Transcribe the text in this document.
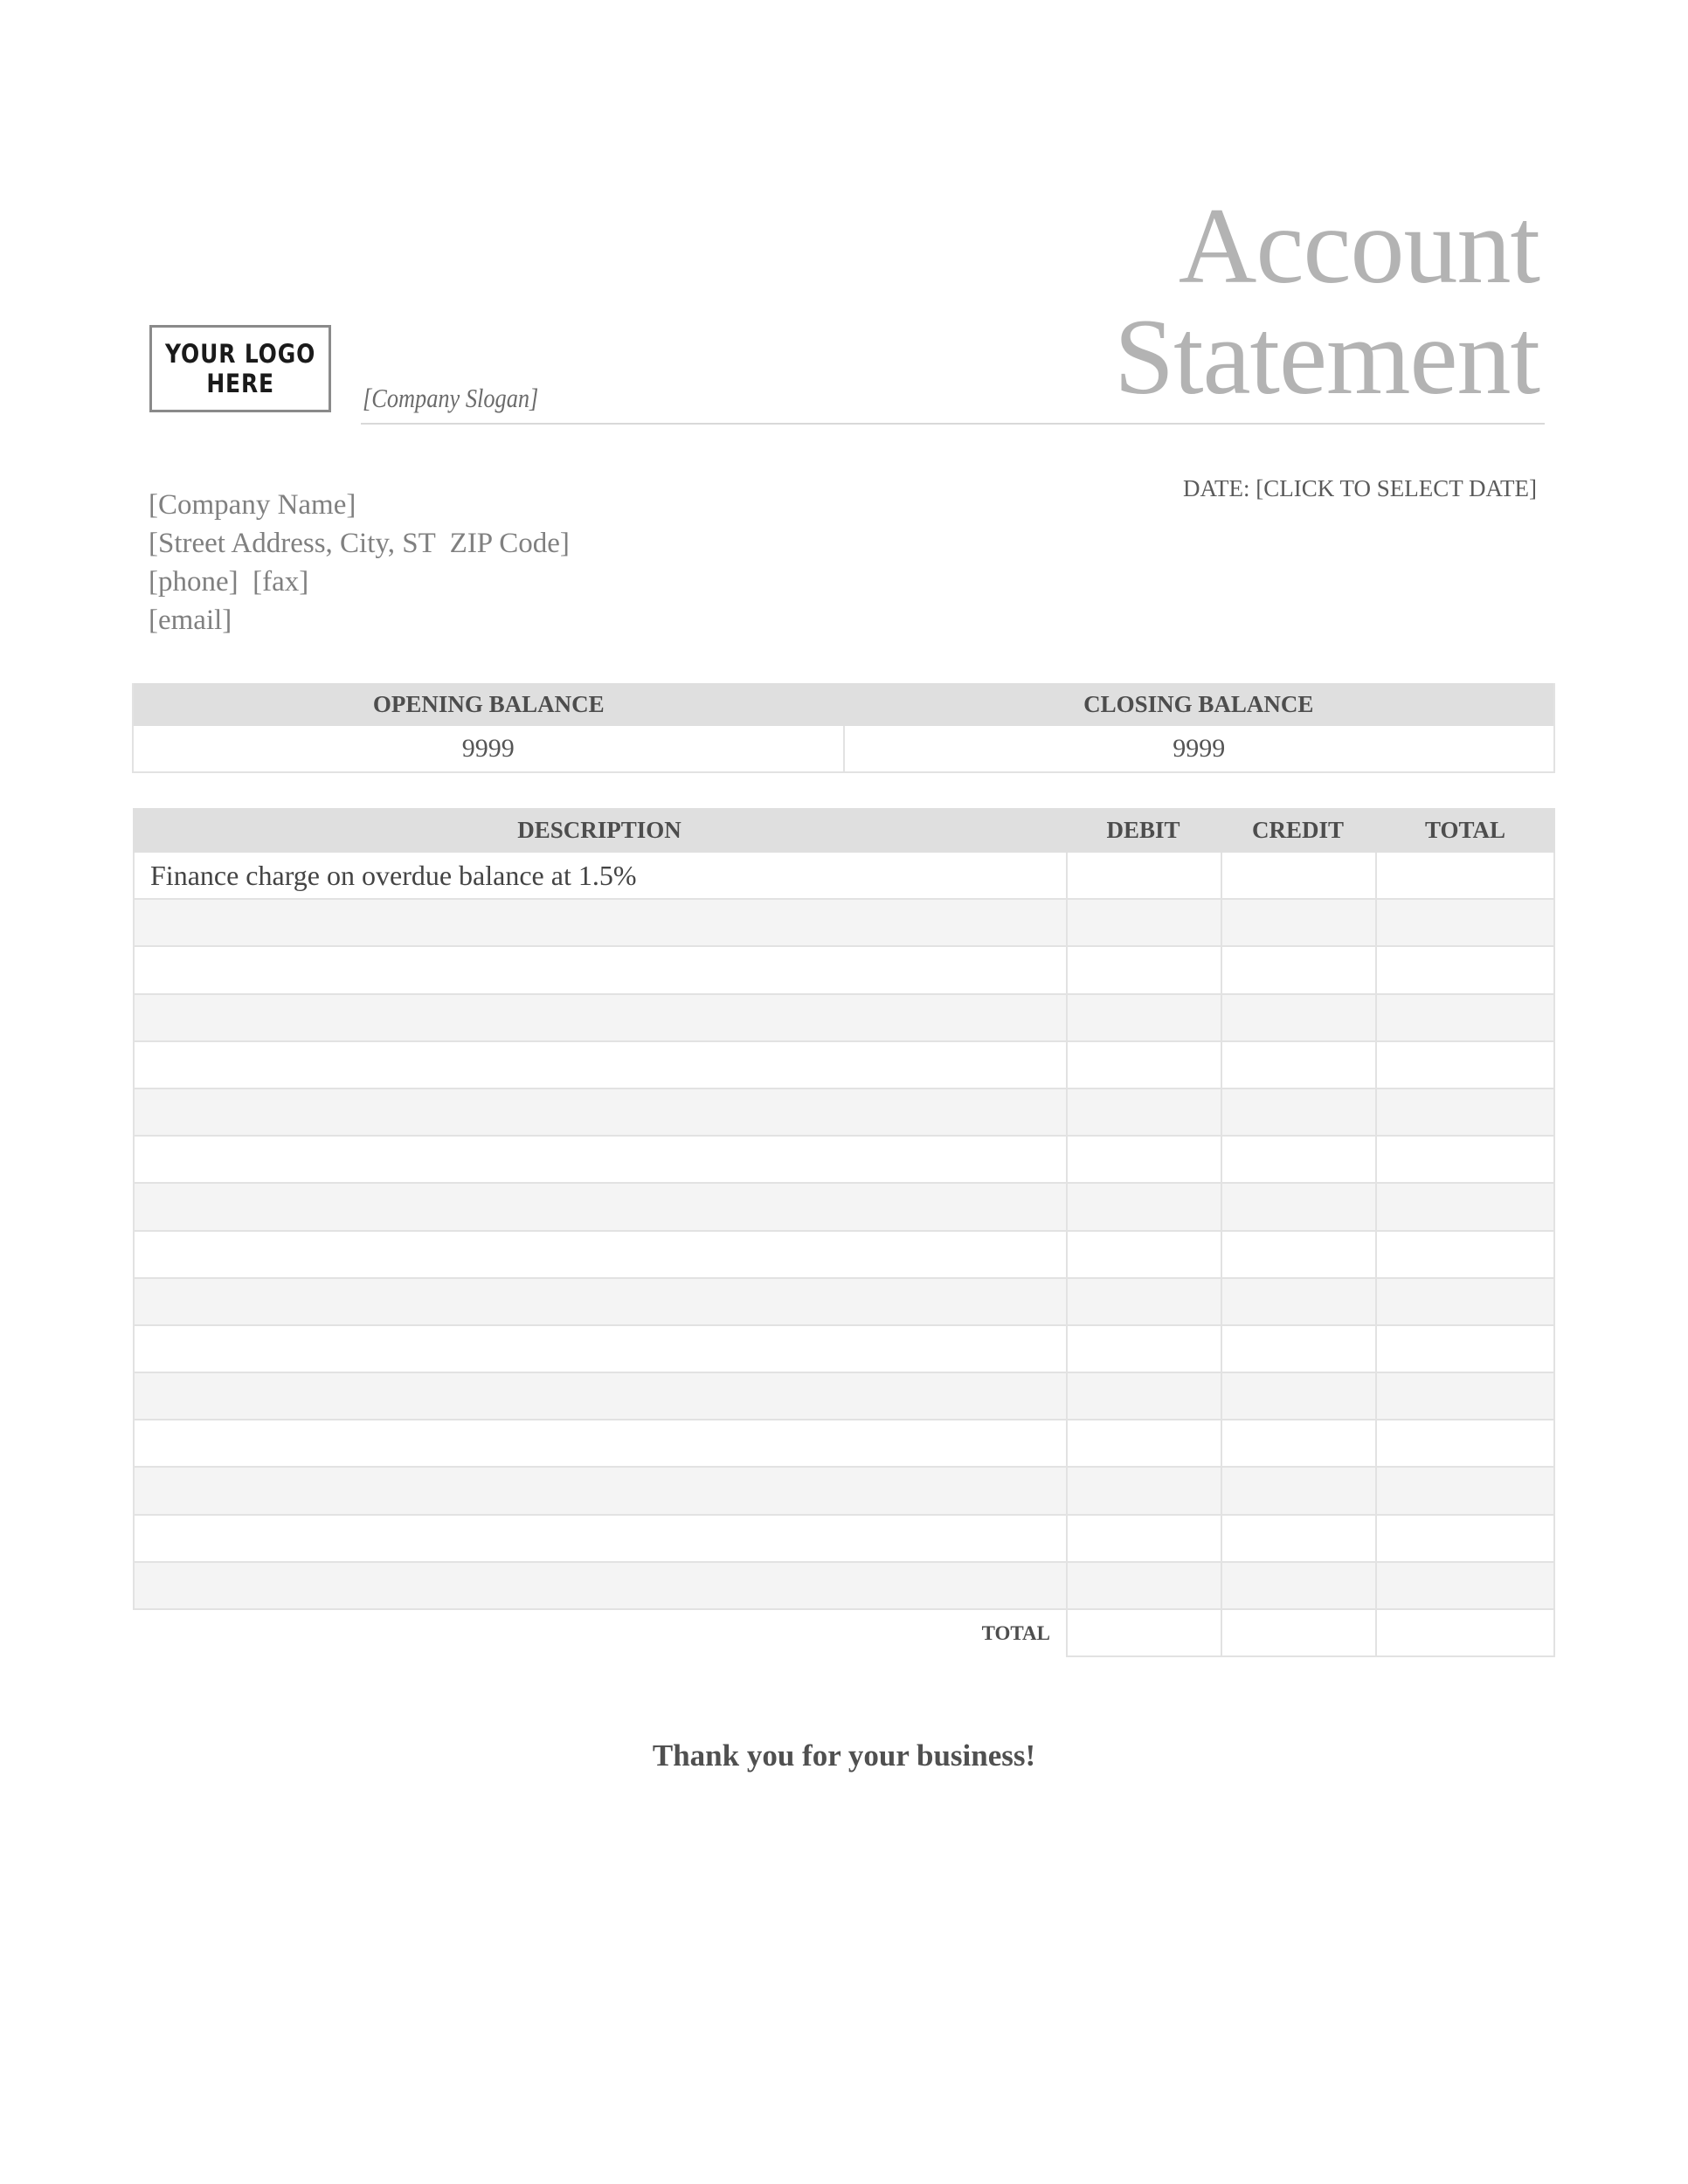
YOUR LOGO
HERE	[Company Slogan]
Account
Statement
[Company Name]
[Street Address, City, ST  ZIP Code]
[phone]  [fax]
[email]
DATE: [CLICK TO SELECT DATE]
OPENING BALANCE	CLOSING BALANCE
9999	9999
DESCRIPTION	DEBIT	CREDIT	TOTAL
Finance charge on overdue balance at 1.5%
TOTAL
Thank you for your business!
